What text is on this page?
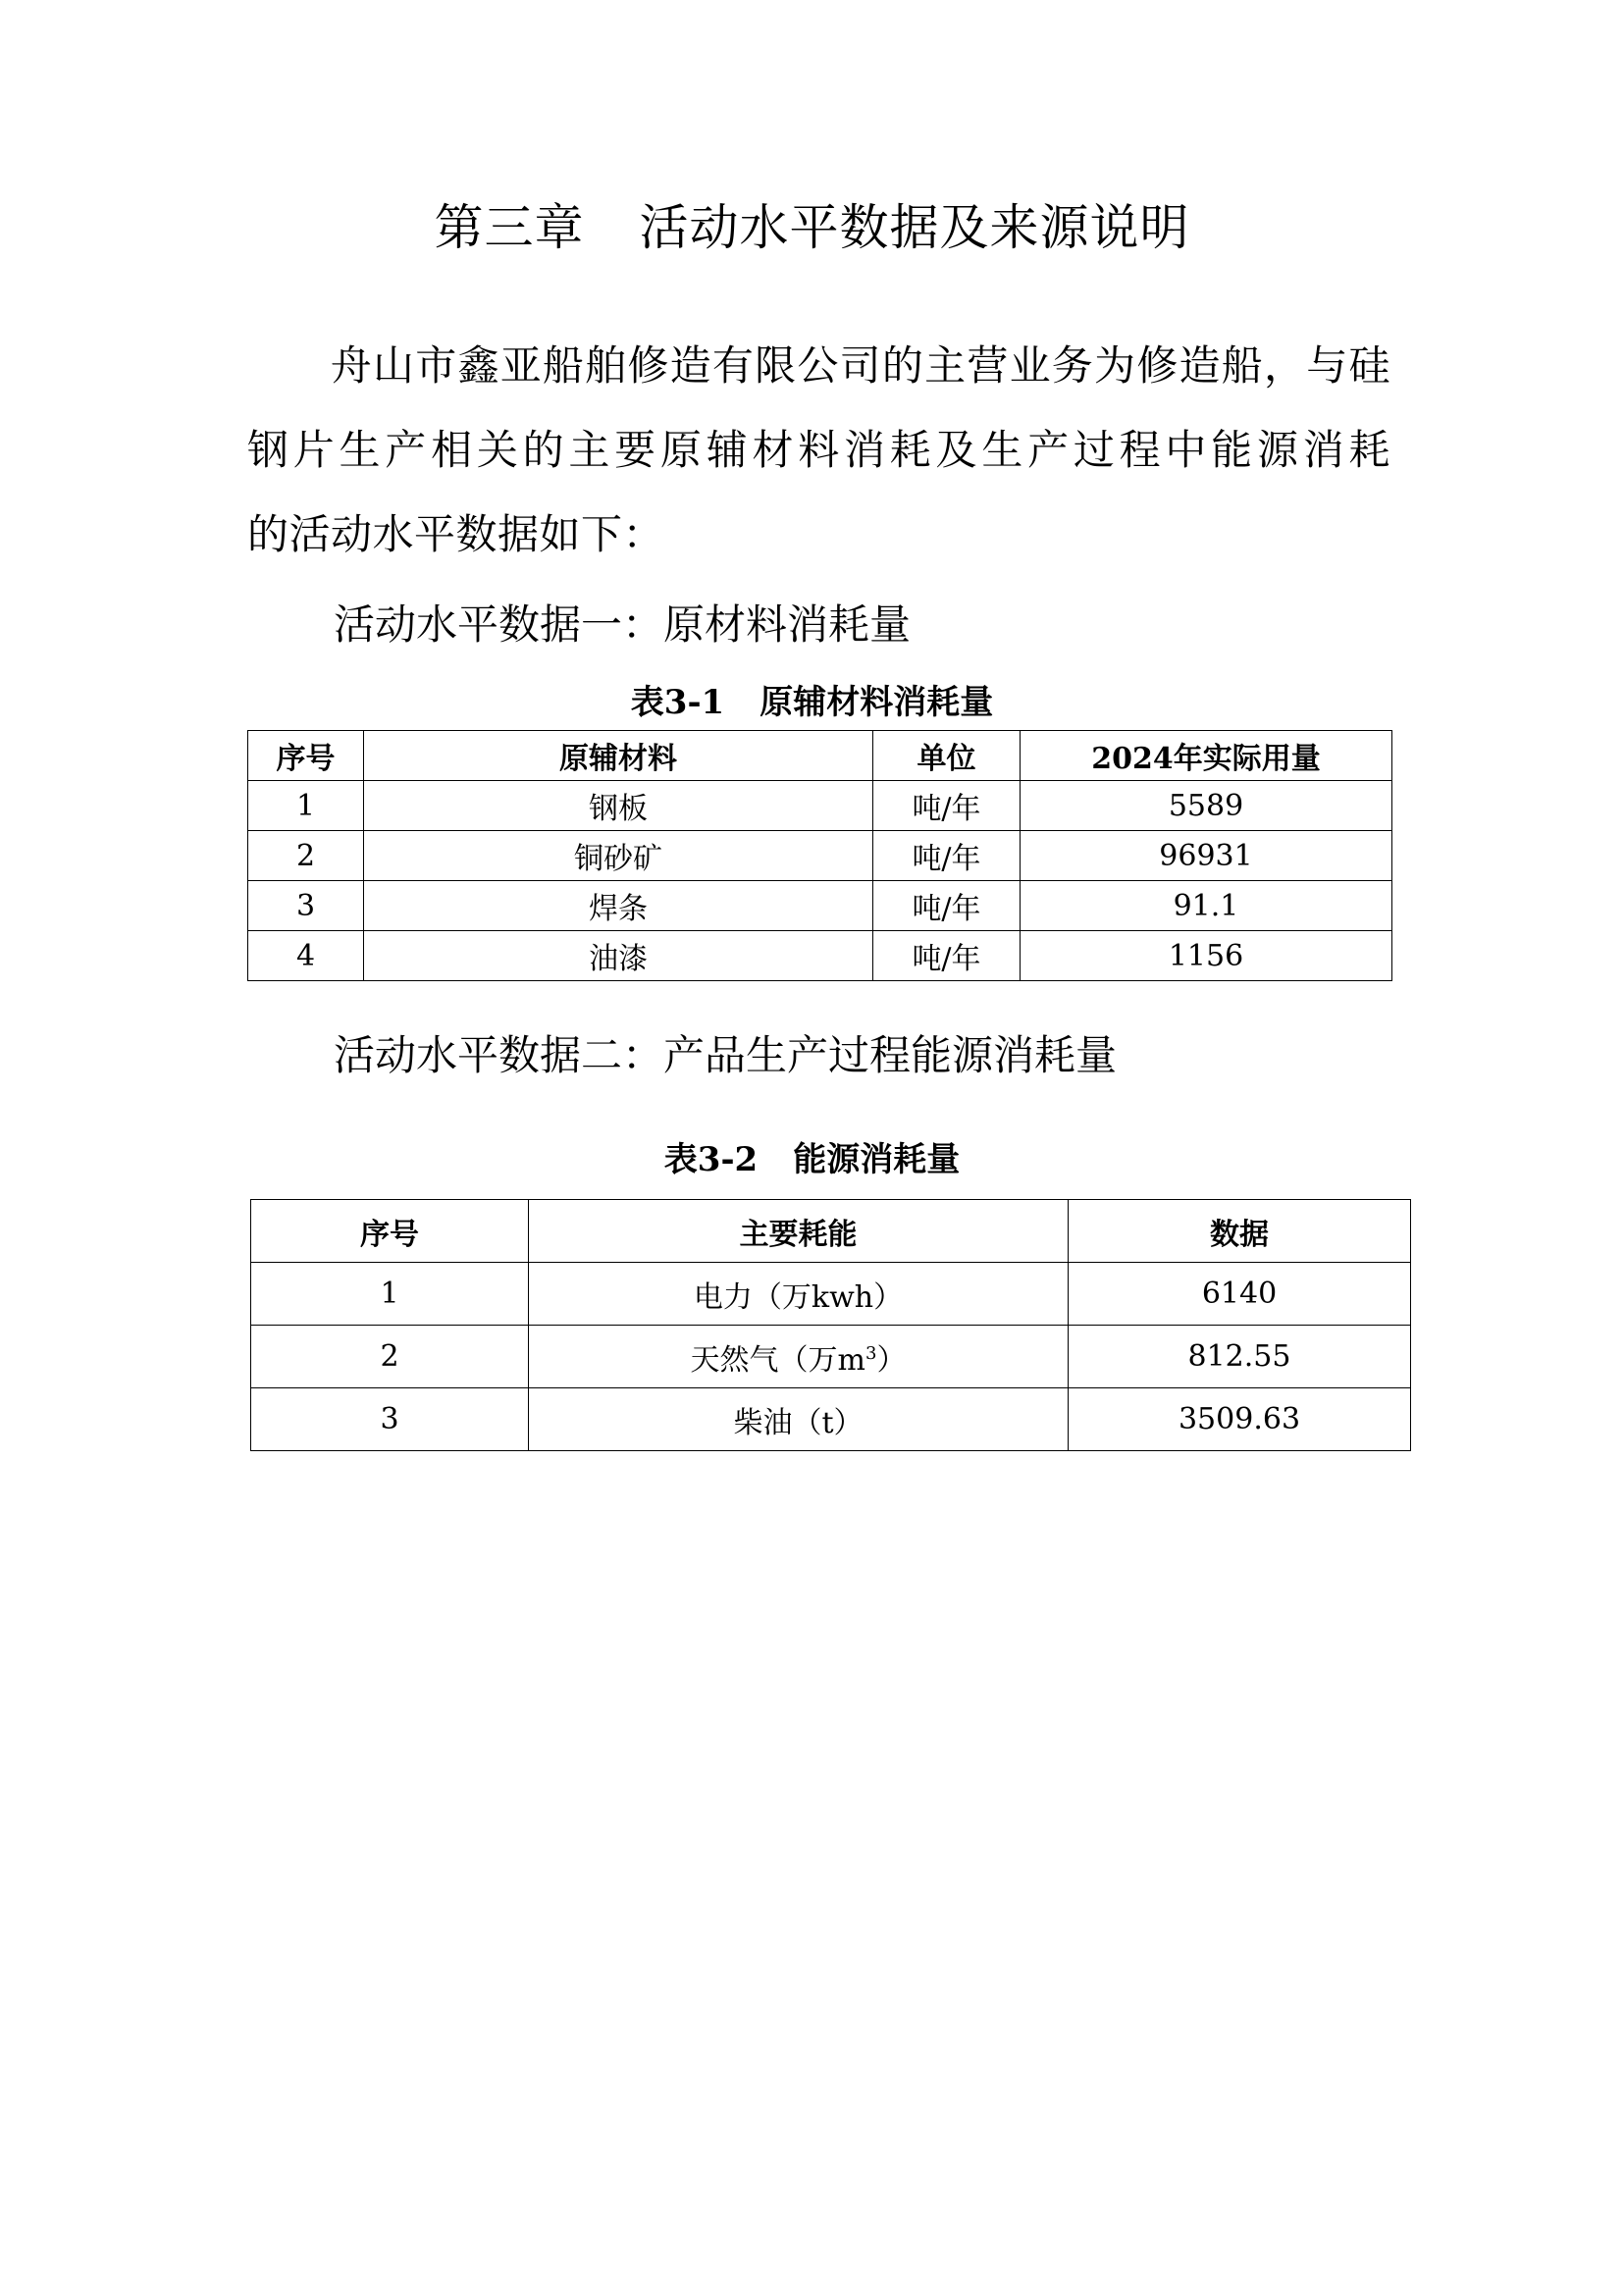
第三章 活动水平数据及来源说明
舟山市鑫亚船舶修造有限公司的主营业务为修造船，与硅
钢片生产相关的主要原辅材料消耗及生产过程中能源消耗
的活动水平数据如下：
活动水平数据一：原材料消耗量
表3-1 原辅材料消耗量
序号	原辅材料	单位	2024年实际用量
1	钢板	吨/年	5589
2	铜砂矿	吨/年	96931
3	焊条	吨/年	91.1
4	油漆	吨/年	1156
活动水平数据二：产品生产过程能源消耗量
表3-2 能源消耗量
序号	主要耗能	数据
1	电力（万kwh）	6140
2	天然气（万$m^3$）	812.55
3	柴油（t）	3509.63
